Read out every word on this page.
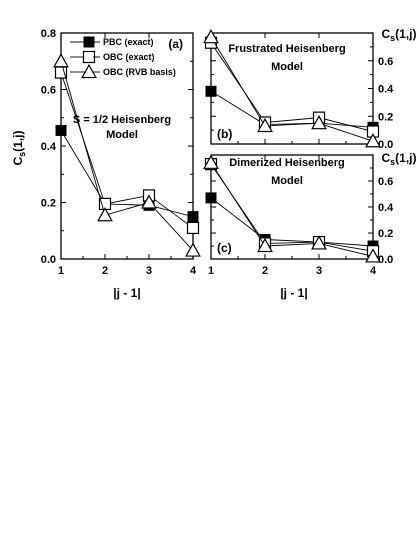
1	2	3	4
0.0
0.2
0.4
0.6
0.8
S = 1/2 Heisenberg
Model
(a)
$C_s(1,j)$
|j - 1|
0.0
0.2
0.4
0.6
Frustrated Heisenberg
Model
(b)
$C_s(1,j)$
1	2	3	4
0.0
0.2
0.4
0.6
Dimerized Heisenberg
Model
(c)
$C_s(1,j)$
|j - 1|
PBC (exact)
OBC (exact)
OBC (RVB basis)
